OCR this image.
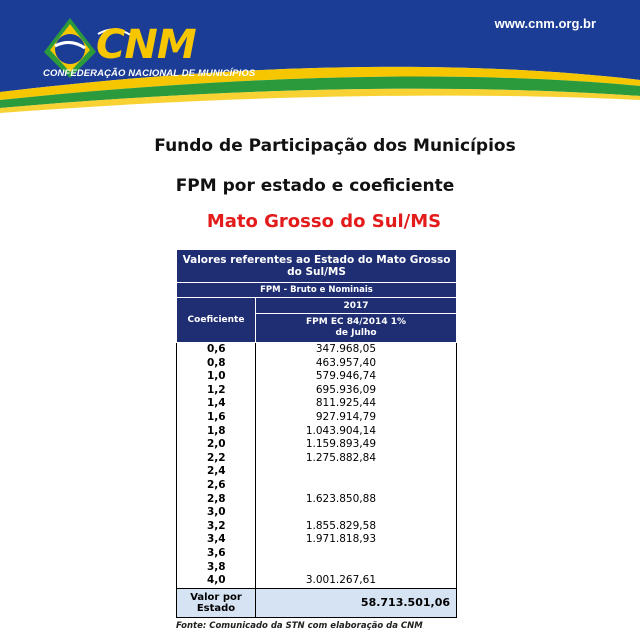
CNM
CONFEDERAÇÃO NACIONAL DE MUNICÍPIOS
www.cnm.org.br
Fundo de Participação dos Municípios
FPM por estado e coeficiente
Mato Grosso do Sul/MS
Valores referentes ao Estado do Mato Grosso do Sul/MS	
FPM - Bruto e Nominais	
Coeficiente	2017
	FPM EC 84/2014 1% de Julho
0,6	347.968,05
0,8	463.957,40
1,0	579.946,74
1,2	695.936,09
1,4	811.925,44
1,6	927.914,79
1,8	1.043.904,14
2,0	1.159.893,49
2,2	1.275.882,84
2,4	
2,6	
2,8	1.623.850,88
3,0	
3,2	1.855.829,58
3,4	1.971.818,93
3,6	
3,8	
4,0	3.001.267,61
Valor por Estado	58.713.501,06
Fonte: Comunicado da STN com elaboração da CNM
